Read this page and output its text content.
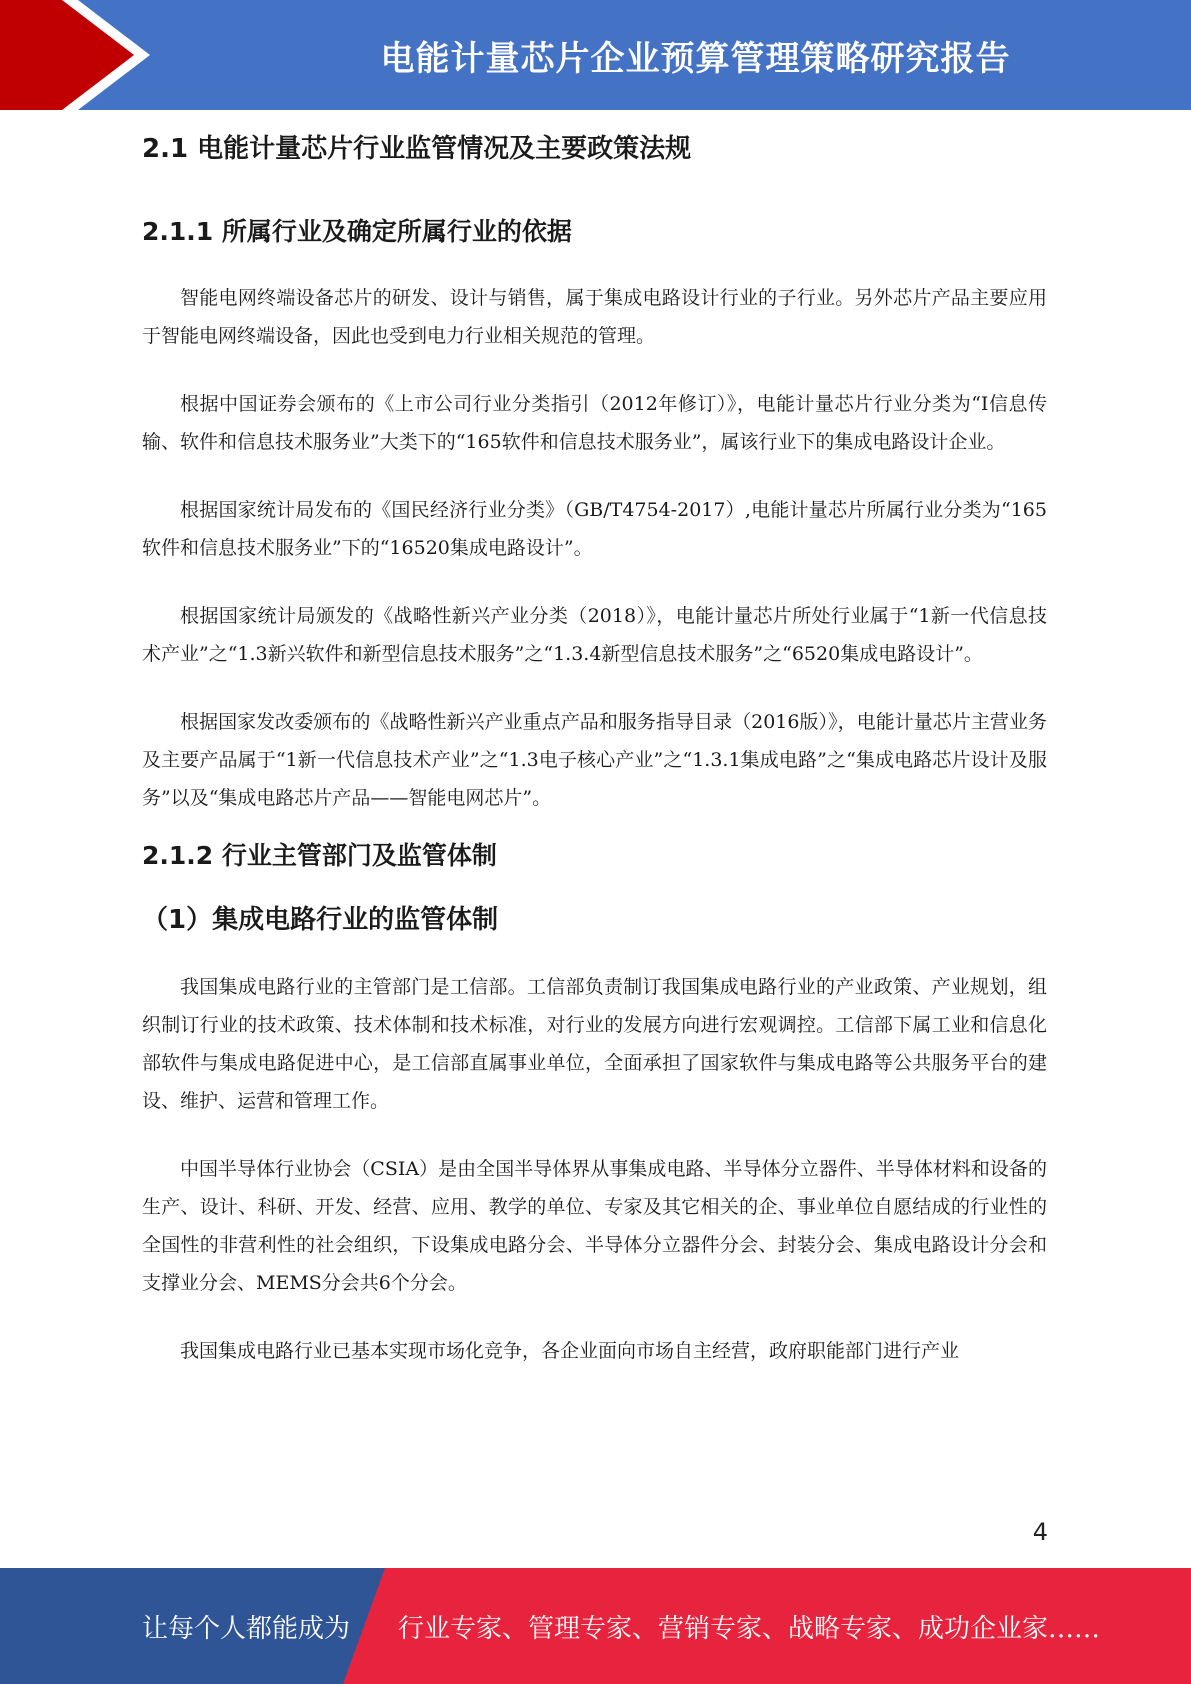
电能计量芯片企业预算管理策略研究报告
2.1 电能计量芯片行业监管情况及主要政策法规
2.1.1 所属行业及确定所属行业的依据

智能电网终端设备芯片的研发、设计与销售，属于集成电路设计行业的子行业。另外芯片产品主要应用于智能电网终端设备，因此也受到电力行业相关规范的管理。

根据中国证券会颁布的《上市公司行业分类指引（2012年修订）》，电能计量芯片行业分类为“I信息传输、软件和信息技术服务业”大类下的“165软件和信息技术服务业”，属该行业下的集成电路设计企业。

根据国家统计局发布的《国民经济行业分类》（GB/T4754-2017）,电能计量芯片所属行业分类为“165软件和信息技术服务业”下的“16520集成电路设计”。

根据国家统计局颁发的《战略性新兴产业分类（2018）》，电能计量芯片所处行业属于“1新一代信息技术产业”之“1.3新兴软件和新型信息技术服务”之“1.3.4新型信息技术服务”之“6520集成电路设计”。

根据国家发改委颁布的《战略性新兴产业重点产品和服务指导目录（2016版）》，电能计量芯片主营业务及主要产品属于“1新一代信息技术产业”之“1.3电子核心产业”之“1.3.1集成电路”之“集成电路芯片设计及服务”以及“集成电路芯片产品——智能电网芯片”。

2.1.2 行业主管部门及监管体制
（1）集成电路行业的监管体制

我国集成电路行业的主管部门是工信部。工信部负责制订我国集成电路行业的产业政策、产业规划，组织制订行业的技术政策、技术体制和技术标准，对行业的发展方向进行宏观调控。工信部下属工业和信息化部软件与集成电路促进中心，是工信部直属事业单位，全面承担了国家软件与集成电路等公共服务平台的建设、维护、运营和管理工作。

中国半导体行业协会（CSIA）是由全国半导体界从事集成电路、半导体分立器件、半导体材料和设备的生产、设计、科研、开发、经营、应用、教学的单位、专家及其它相关的企、事业单位自愿结成的行业性的全国性的非营利性的社会组织，下设集成电路分会、半导体分立器件分会、封装分会、集成电路设计分会和支撑业分会、MEMS分会共6个分会。

我国集成电路行业已基本实现市场化竞争，各企业面向市场自主经营，政府职能部门进行产业

4
让每个人都能成为 行业专家、管理专家、营销专家、战略专家、成功企业家……
